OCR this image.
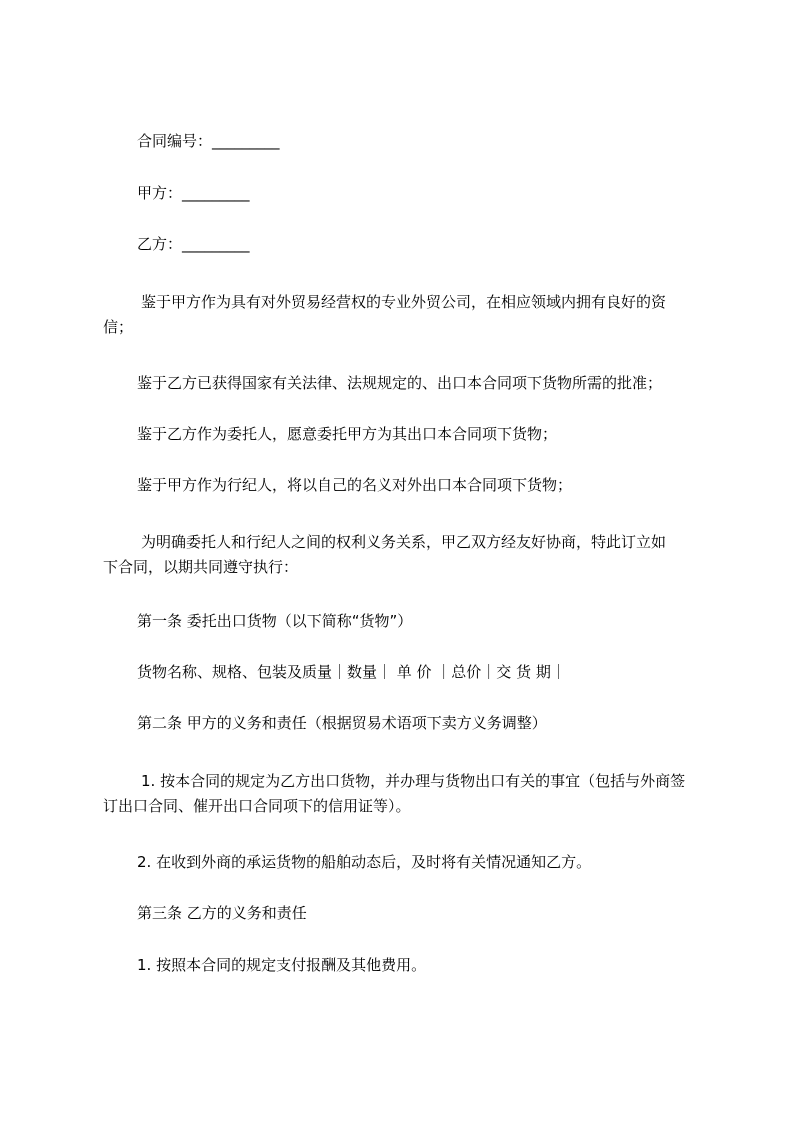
合同编号：_________
甲方：_________
乙方：_________
鉴于甲方作为具有对外贸易经营权的专业外贸公司，在相应领域内拥有良好的资
信；
鉴于乙方已获得国家有关法律、法规规定的、出口本合同项下货物所需的批准；
鉴于乙方作为委托人，愿意委托甲方为其出口本合同项下货物；
鉴于甲方作为行纪人，将以自己的名义对外出口本合同项下货物；
为明确委托人和行纪人之间的权利义务关系，甲乙双方经友好协商，特此订立如
下合同，以期共同遵守执行：
第一条 委托出口货物（以下简称“货物”）
货物名称、规格、包装及质量｜数量｜ 单 价 ｜总价｜交 货 期｜
第二条 甲方的义务和责任（根据贸易术语项下卖方义务调整）
1. 按本合同的规定为乙方出口货物，并办理与货物出口有关的事宜（包括与外商签
订出口合同、催开出口合同项下的信用证等）。
2. 在收到外商的承运货物的船舶动态后，及时将有关情况通知乙方。
第三条 乙方的义务和责任
1. 按照本合同的规定支付报酬及其他费用。
